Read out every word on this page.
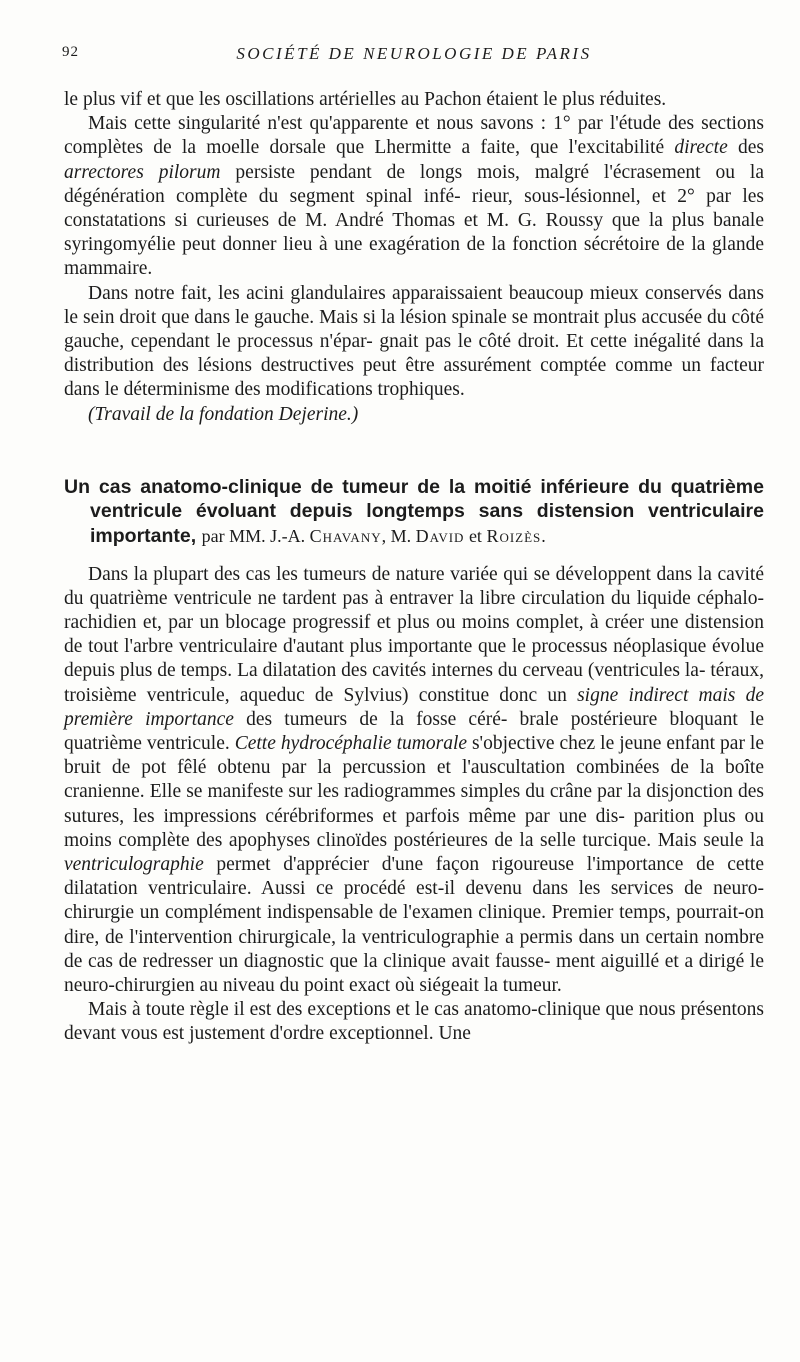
92	SOCIÉTÉ DE NEUROLOGIE DE PARIS

le plus vif et que les oscillations artérielles au Pachon étaient le plus réduites.

Mais cette singularité n'est qu'apparente et nous savons : 1° par l'étude des sections complètes de la moelle dorsale que Lhermitte a faite, que l'excitabilité directe des arrectores pilorum persiste pendant de longs mois, malgré l'écrasement ou la dégénération complète du segment spinal infé- rieur, sous-lésionnel, et 2° par les constatations si curieuses de M. André Thomas et M. G. Roussy que la plus banale syringomyélie peut donner lieu à une exagération de la fonction sécrétoire de la glande mammaire.

Dans notre fait, les acini glandulaires apparaissaient beaucoup mieux conservés dans le sein droit que dans le gauche. Mais si la lésion spinale se montrait plus accusée du côté gauche, cependant le processus n'épar- gnait pas le côté droit. Et cette inégalité dans la distribution des lésions destructives peut être assurément comptée comme un facteur dans le déterminisme des modifications trophiques.

(Travail de la fondation Dejerine.)

Un cas anatomo-clinique de tumeur de la moitié inférieure du quatrième ventricule évoluant depuis longtemps sans distension ventriculaire importante, par MM. J.-A. Chavany, M. David et Roizès.

Dans la plupart des cas les tumeurs de nature variée qui se développent dans la cavité du quatrième ventricule ne tardent pas à entraver la libre circulation du liquide céphalo-rachidien et, par un blocage progressif et plus ou moins complet, à créer une distension de tout l'arbre ventriculaire d'autant plus importante que le processus néoplasique évolue depuis plus de temps. La dilatation des cavités internes du cerveau (ventricules la- téraux, troisième ventricule, aqueduc de Sylvius) constitue donc un signe indirect mais de première importance des tumeurs de la fosse céré- brale postérieure bloquant le quatrième ventricule. Cette hydrocéphalie tumorale s'objective chez le jeune enfant par le bruit de pot fêlé obtenu par la percussion et l'auscultation combinées de la boîte cranienne. Elle se manifeste sur les radiogrammes simples du crâne par la disjonction des sutures, les impressions cérébriformes et parfois même par une dis- parition plus ou moins complète des apophyses clinoïdes postérieures de la selle turcique. Mais seule la ventriculographie permet d'apprécier d'une façon rigoureuse l'importance de cette dilatation ventriculaire. Aussi ce procédé est-il devenu dans les services de neuro-chirurgie un complément indispensable de l'examen clinique. Premier temps, pourrait-on dire, de l'intervention chirurgicale, la ventriculographie a permis dans un certain nombre de cas de redresser un diagnostic que la clinique avait fausse- ment aiguillé et a dirigé le neuro-chirurgien au niveau du point exact où siégeait la tumeur.

Mais à toute règle il est des exceptions et le cas anatomo-clinique que nous présentons devant vous est justement d'ordre exceptionnel. Une
